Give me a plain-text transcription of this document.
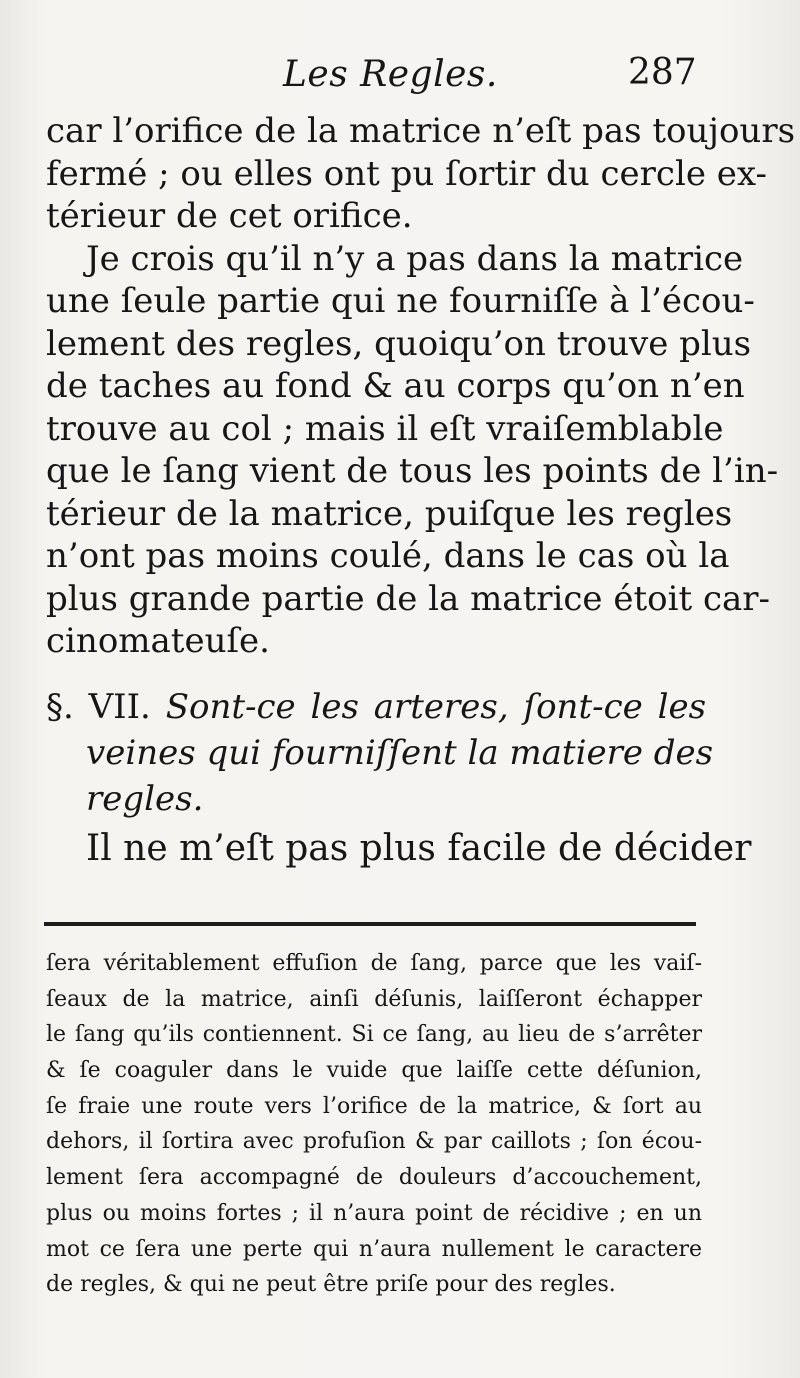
Les Regles.	287
car l’orifice de la matrice n’eſt pas toujours
fermé ; ou elles ont pu ſortir du cercle ex-
térieur de cet orifice.
Je crois qu’il n’y a pas dans la matrice
une ſeule partie qui ne fourniſſe à l’écou-
lement des regles, quoiqu’on trouve plus
de taches au fond & au corps qu’on n’en
trouve au col ; mais il eſt vraiſemblable
que le ſang vient de tous les points de l’in-
térieur de la matrice, puiſque les regles
n’ont pas moins coulé, dans le cas où la
plus grande partie de la matrice étoit car-
cinomateuſe.
§. VII. Sont-ce les arteres, ſont-ce les
veines qui fourniſſent la matiere des
regles.
Il ne m’eſt pas plus facile de décider
ſera véritablement effuſion de ſang, parce que les vaiſ-
ſeaux de la matrice, ainſi déſunis, laiſſeront échapper
le ſang qu’ils contiennent. Si ce ſang, au lieu de s’arrêter
& ſe coaguler dans le vuide que laiſſe cette déſunion,
ſe fraie une route vers l’orifice de la matrice, & ſort au
dehors, il ſortira avec profuſion & par caillots ; ſon écou-
lement ſera accompagné de douleurs d’accouchement,
plus ou moins fortes ; il n’aura point de récidive ; en un
mot ce ſera une perte qui n’aura nullement le caractere
de regles, & qui ne peut être priſe pour des regles.
